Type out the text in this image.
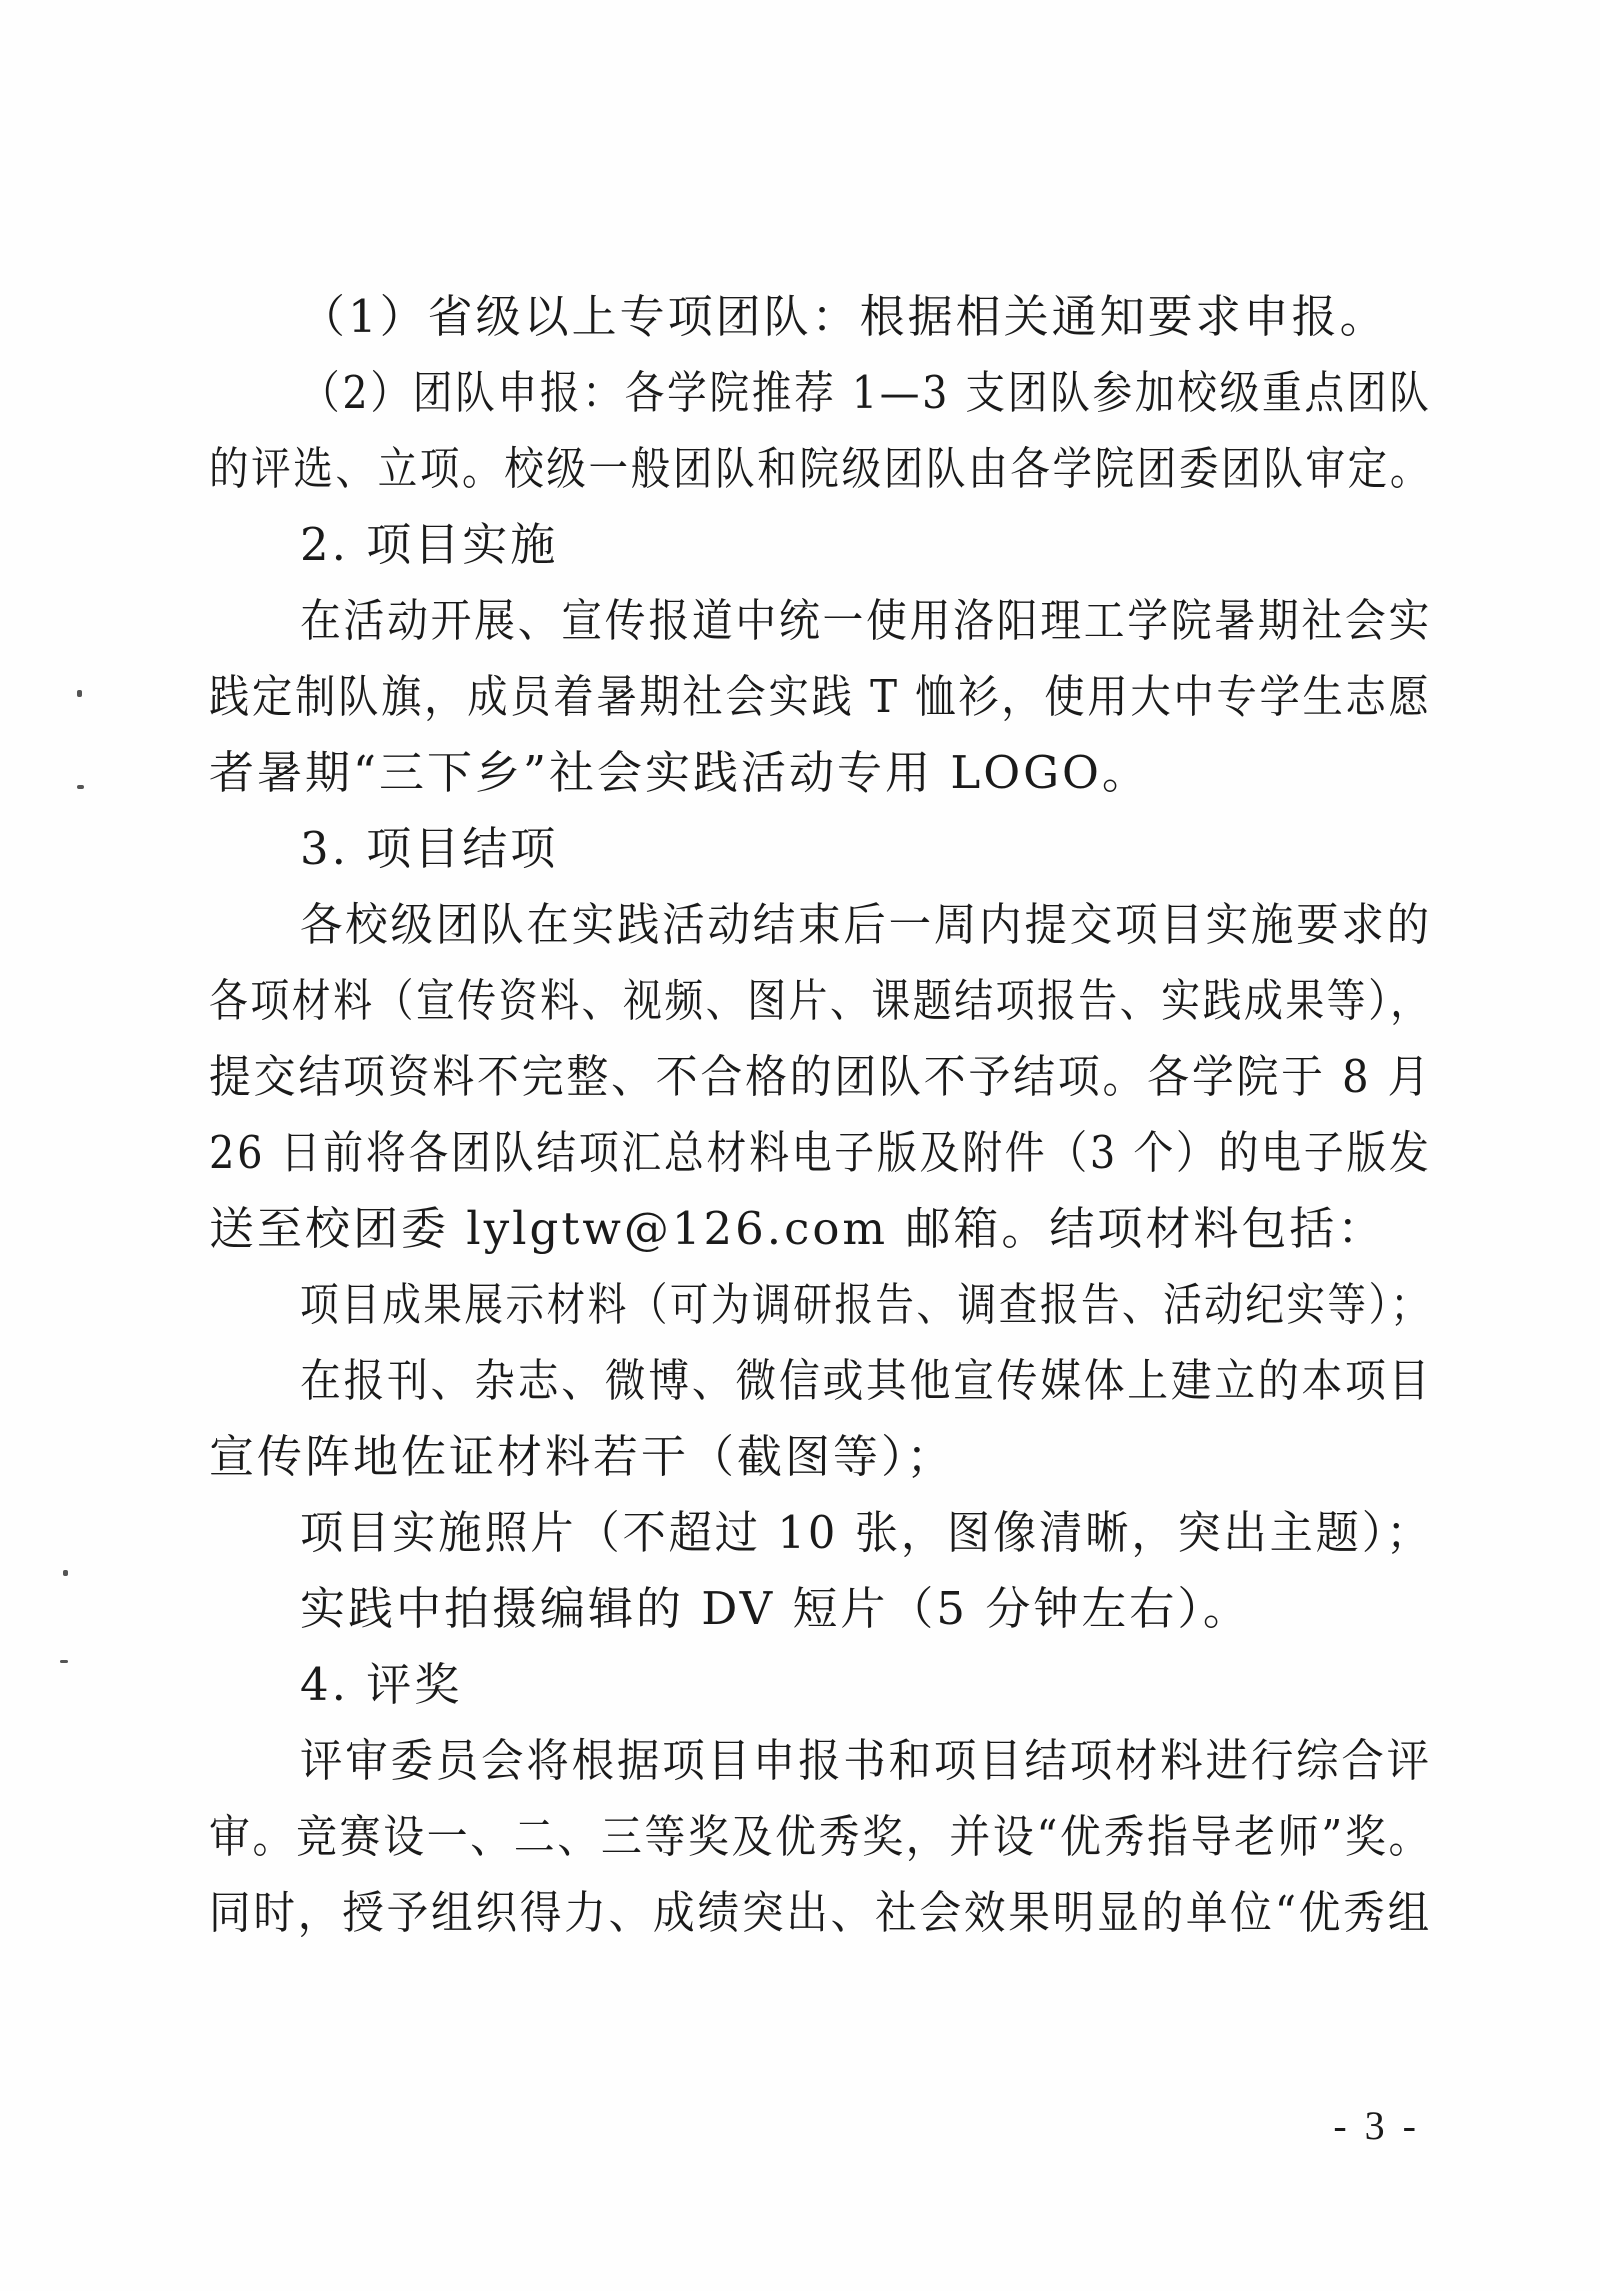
（1）省级以上专项团队：根据相关通知要求申报。
（2）团队申报：各学院推荐 1—3 支团队参加校级重点团队
的评选、立项。校级一般团队和院级团队由各学院团委团队审定。
2. 项目实施
在活动开展、宣传报道中统一使用洛阳理工学院暑期社会实
践定制队旗，成员着暑期社会实践 T 恤衫，使用大中专学生志愿
者暑期“三下乡”社会实践活动专用 LOGO。
3. 项目结项
各校级团队在实践活动结束后一周内提交项目实施要求的
各项材料（宣传资料、视频、图片、课题结项报告、实践成果等），
提交结项资料不完整、不合格的团队不予结项。各学院于 8 月
26 日前将各团队结项汇总材料电子版及附件（3 个）的电子版发
送至校团委 lylgtw@126.com 邮箱。结项材料包括：
项目成果展示材料（可为调研报告、调查报告、活动纪实等）；
在报刊、杂志、微博、微信或其他宣传媒体上建立的本项目
宣传阵地佐证材料若干（截图等）；
项目实施照片（不超过 10 张，图像清晰，突出主题）；
实践中拍摄编辑的 DV 短片（5 分钟左右）。
4. 评奖
评审委员会将根据项目申报书和项目结项材料进行综合评
审。竞赛设一、二、三等奖及优秀奖，并设“优秀指导老师”奖。
同时，授予组织得力、成绩突出、社会效果明显的单位“优秀组
- 3 -
